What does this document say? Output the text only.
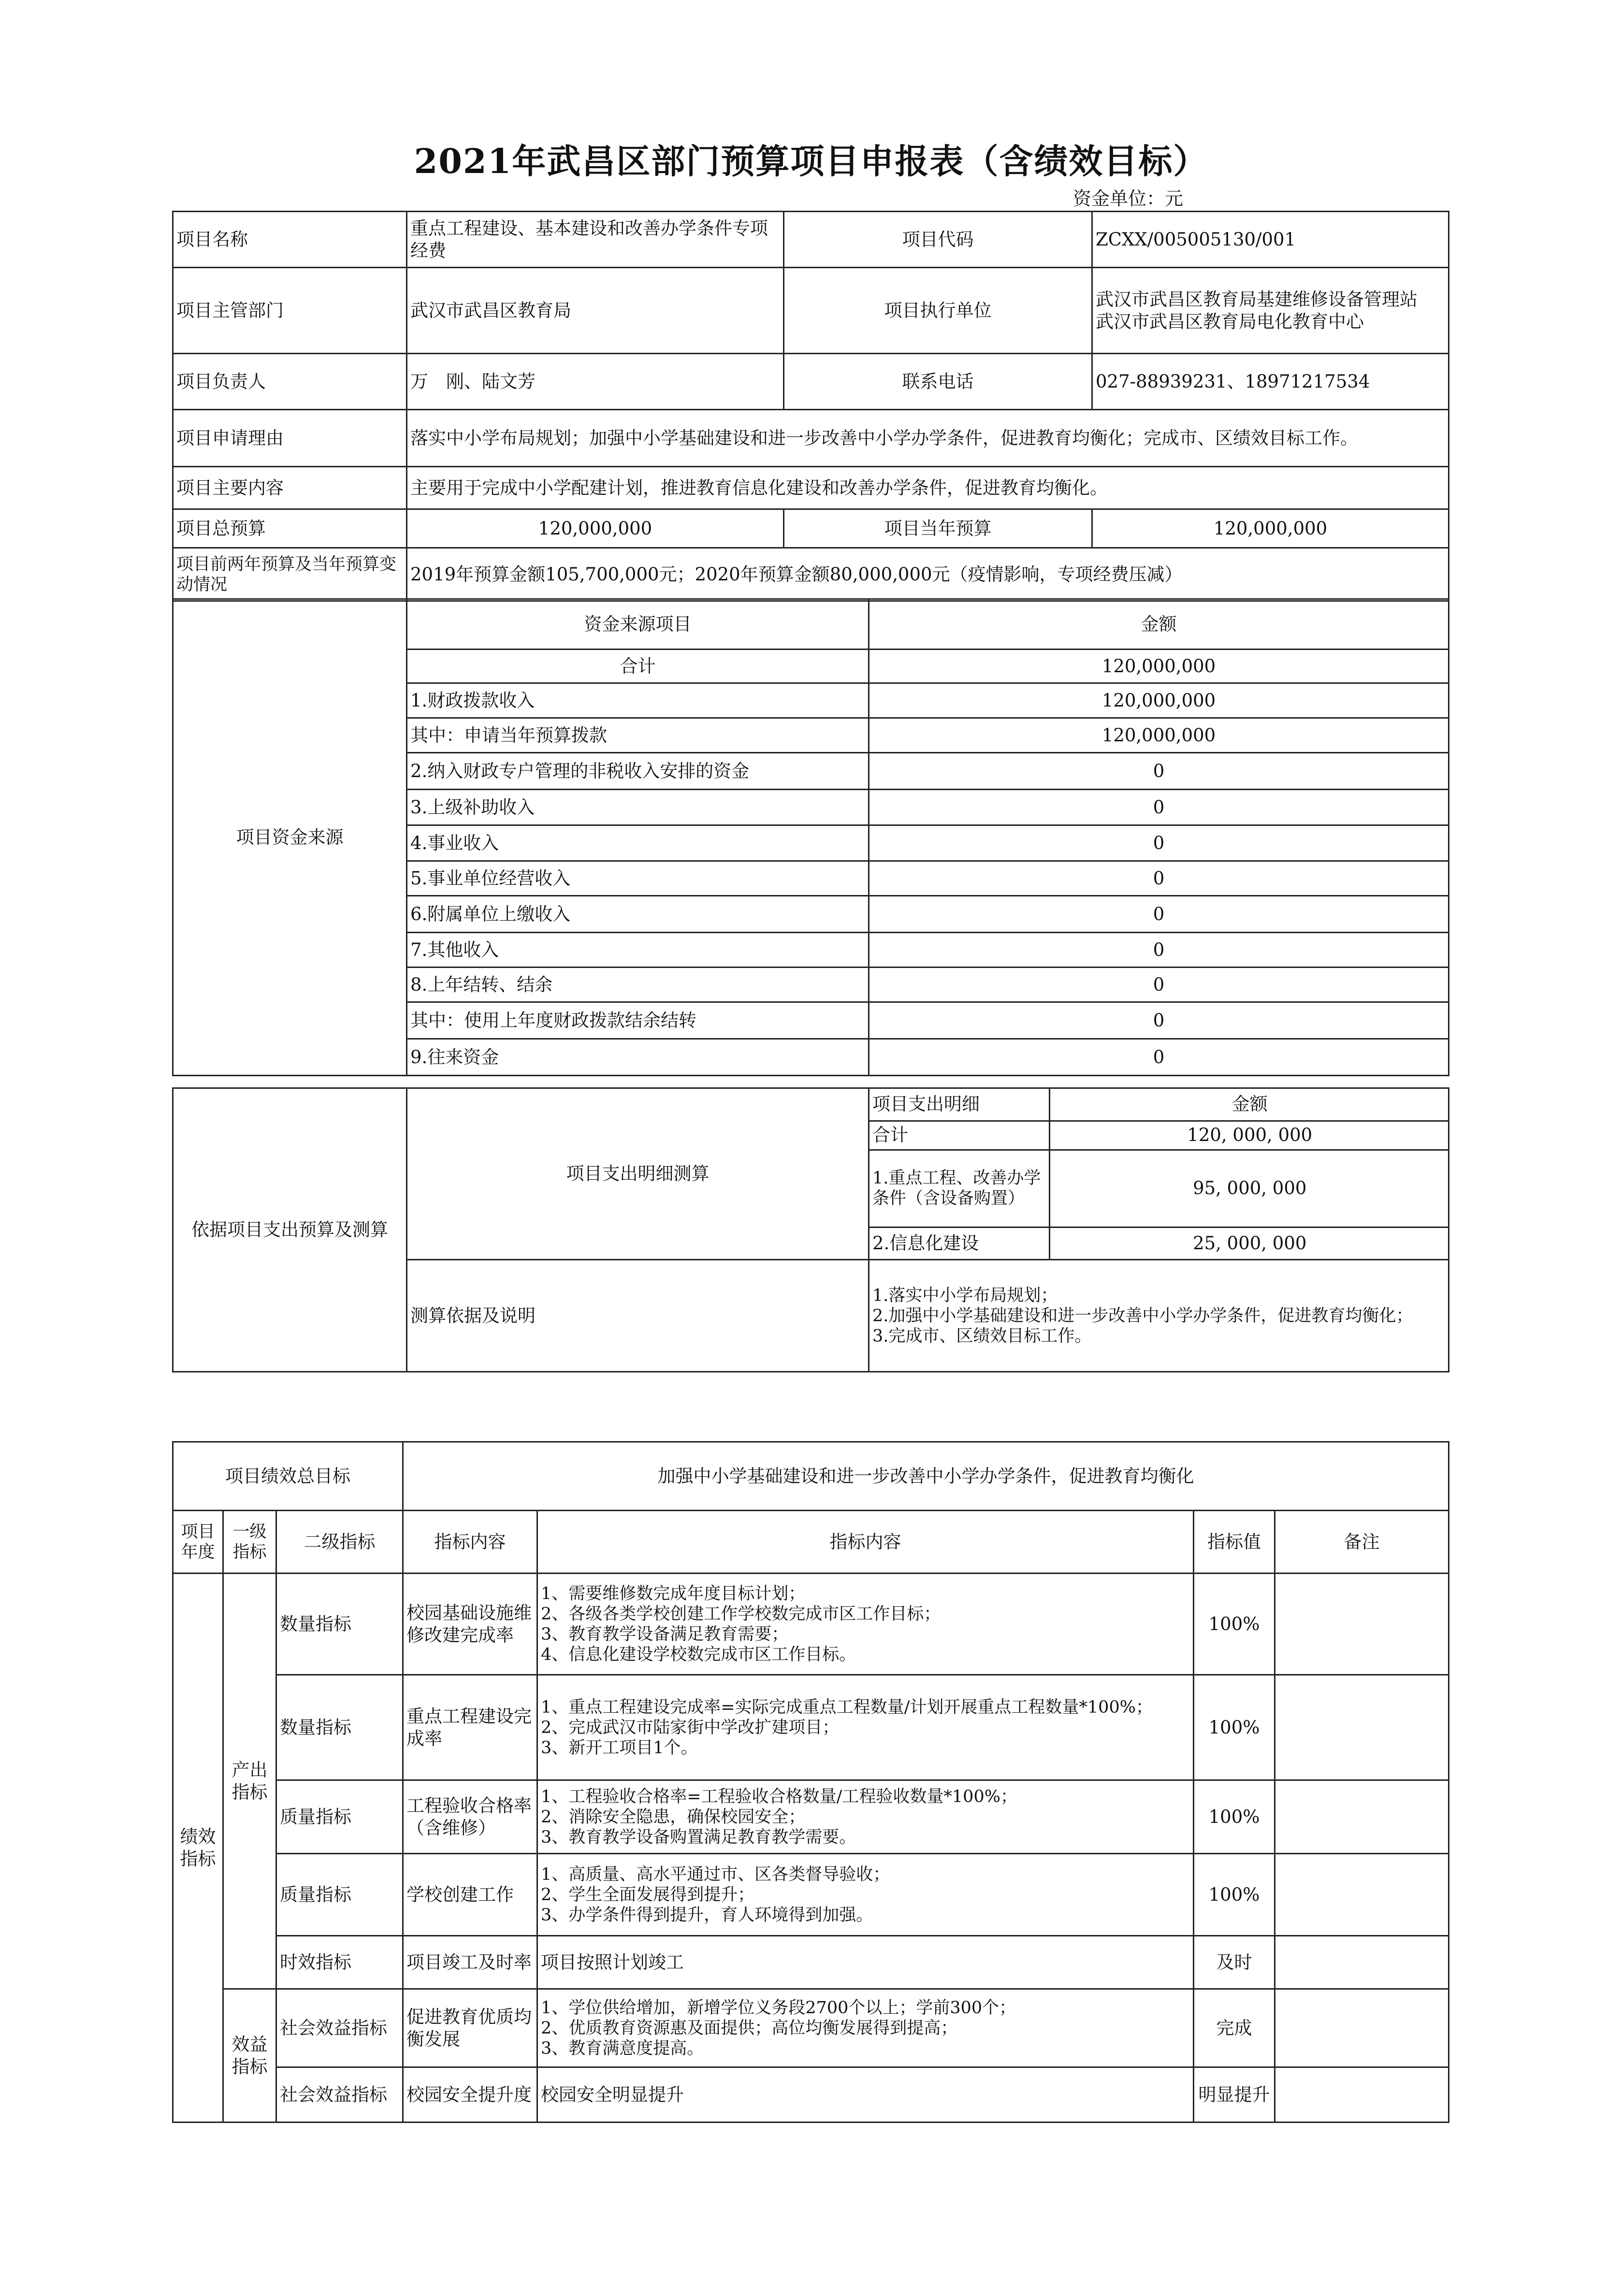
2021年武昌区部门预算项目申报表（含绩效目标）
资金单位：元
项目名称	重点工程建设、基本建设和改善办学条件专项经费	项目代码	ZCXX/005005130/001
项目主管部门	武汉市武昌区教育局	项目执行单位	武汉市武昌区教育局基建维修设备管理站
武汉市武昌区教育局电化教育中心

项目负责人	万　刚、陆文芳	联系电话	027-88939231、18971217534
项目申请理由	落实中小学布局规划；加强中小学基础建设和进一步改善中小学办学条件，促进教育均衡化；完成市、区绩效目标工作。		
项目主要内容	主要用于完成中小学配建计划，推进教育信息化建设和改善办学条件，促进教育均衡化。		
项目总预算	120,000,000	项目当年预算	120,000,000
项目前两年预算及当年预算变动情况	2019年预算金额105,700,000元；2020年预算金额80,000,000元（疫情影响，专项经费压减）		
项目资金来源	资金来源项目	金额
	合计	120,000,000
	1.财政拨款收入	120,000,000
	其中：申请当年预算拨款	120,000,000
	2.纳入财政专户管理的非税收入安排的资金	0
	3.上级补助收入	0
	4.事业收入	0
	5.事业单位经营收入	0
	6.附属单位上缴收入	0
	7.其他收入	0
	8.上年结转、结余	0
	其中：使用上年度财政拨款结余结转	0
	9.往来资金	0
依据项目支出预算及测算	项目支出明细测算	
项目支出明细	金额
合计	120, 000, 000
1.重点工程、改善办学条件（含设备购置）	95, 000, 000
2.信息化建设	25, 000, 000

测算依据及说明	
1.落实中小学布局规划；
2.加强中小学基础建设和进一步改善中小学办学条件，促进教育均衡化；
3.完成市、区绩效目标工作。
项目绩效总目标			加强中小学基础建设和进一步改善中小学办学条件，促进教育均衡化			
项目年度	一级指标	二级指标	指标内容	指标内容	指标值	备注
绩效指标	产出指标	数量指标	校园基础设施维修改建完成率	1、需要维修数完成年度目标计划；
2、各级各类学校创建工作学校数完成市区工作目标；
3、教育教学设备满足教育需要；
4、信息化建设学校数完成市区工作目标。	100%	
		数量指标	重点工程建设完成率	1、重点工程建设完成率=实际完成重点工程数量/计划开展重点工程数量*100%；
2、完成武汉市陆家街中学改扩建项目；
3、新开工项目1个。	100%	
		质量指标	工程验收合格率（含维修）	1、工程验收合格率=工程验收合格数量/工程验收数量*100%；
2、消除安全隐患，确保校园安全；
3、教育教学设备购置满足教育教学需要。	100%	
		质量指标	学校创建工作	1、高质量、高水平通过市、区各类督导验收；
2、学生全面发展得到提升；
3、办学条件得到提升，育人环境得到加强。	100%	
		时效指标	项目竣工及时率	项目按照计划竣工	及时	
	效益指标	社会效益指标	促进教育优质均衡发展	1、学位供给增加，新增学位义务段2700个以上；学前300个；
2、优质教育资源惠及面提供；高位均衡发展得到提高；
3、教育满意度提高。	完成	
		社会效益指标	校园安全提升度	校园安全明显提升	明显提升	
